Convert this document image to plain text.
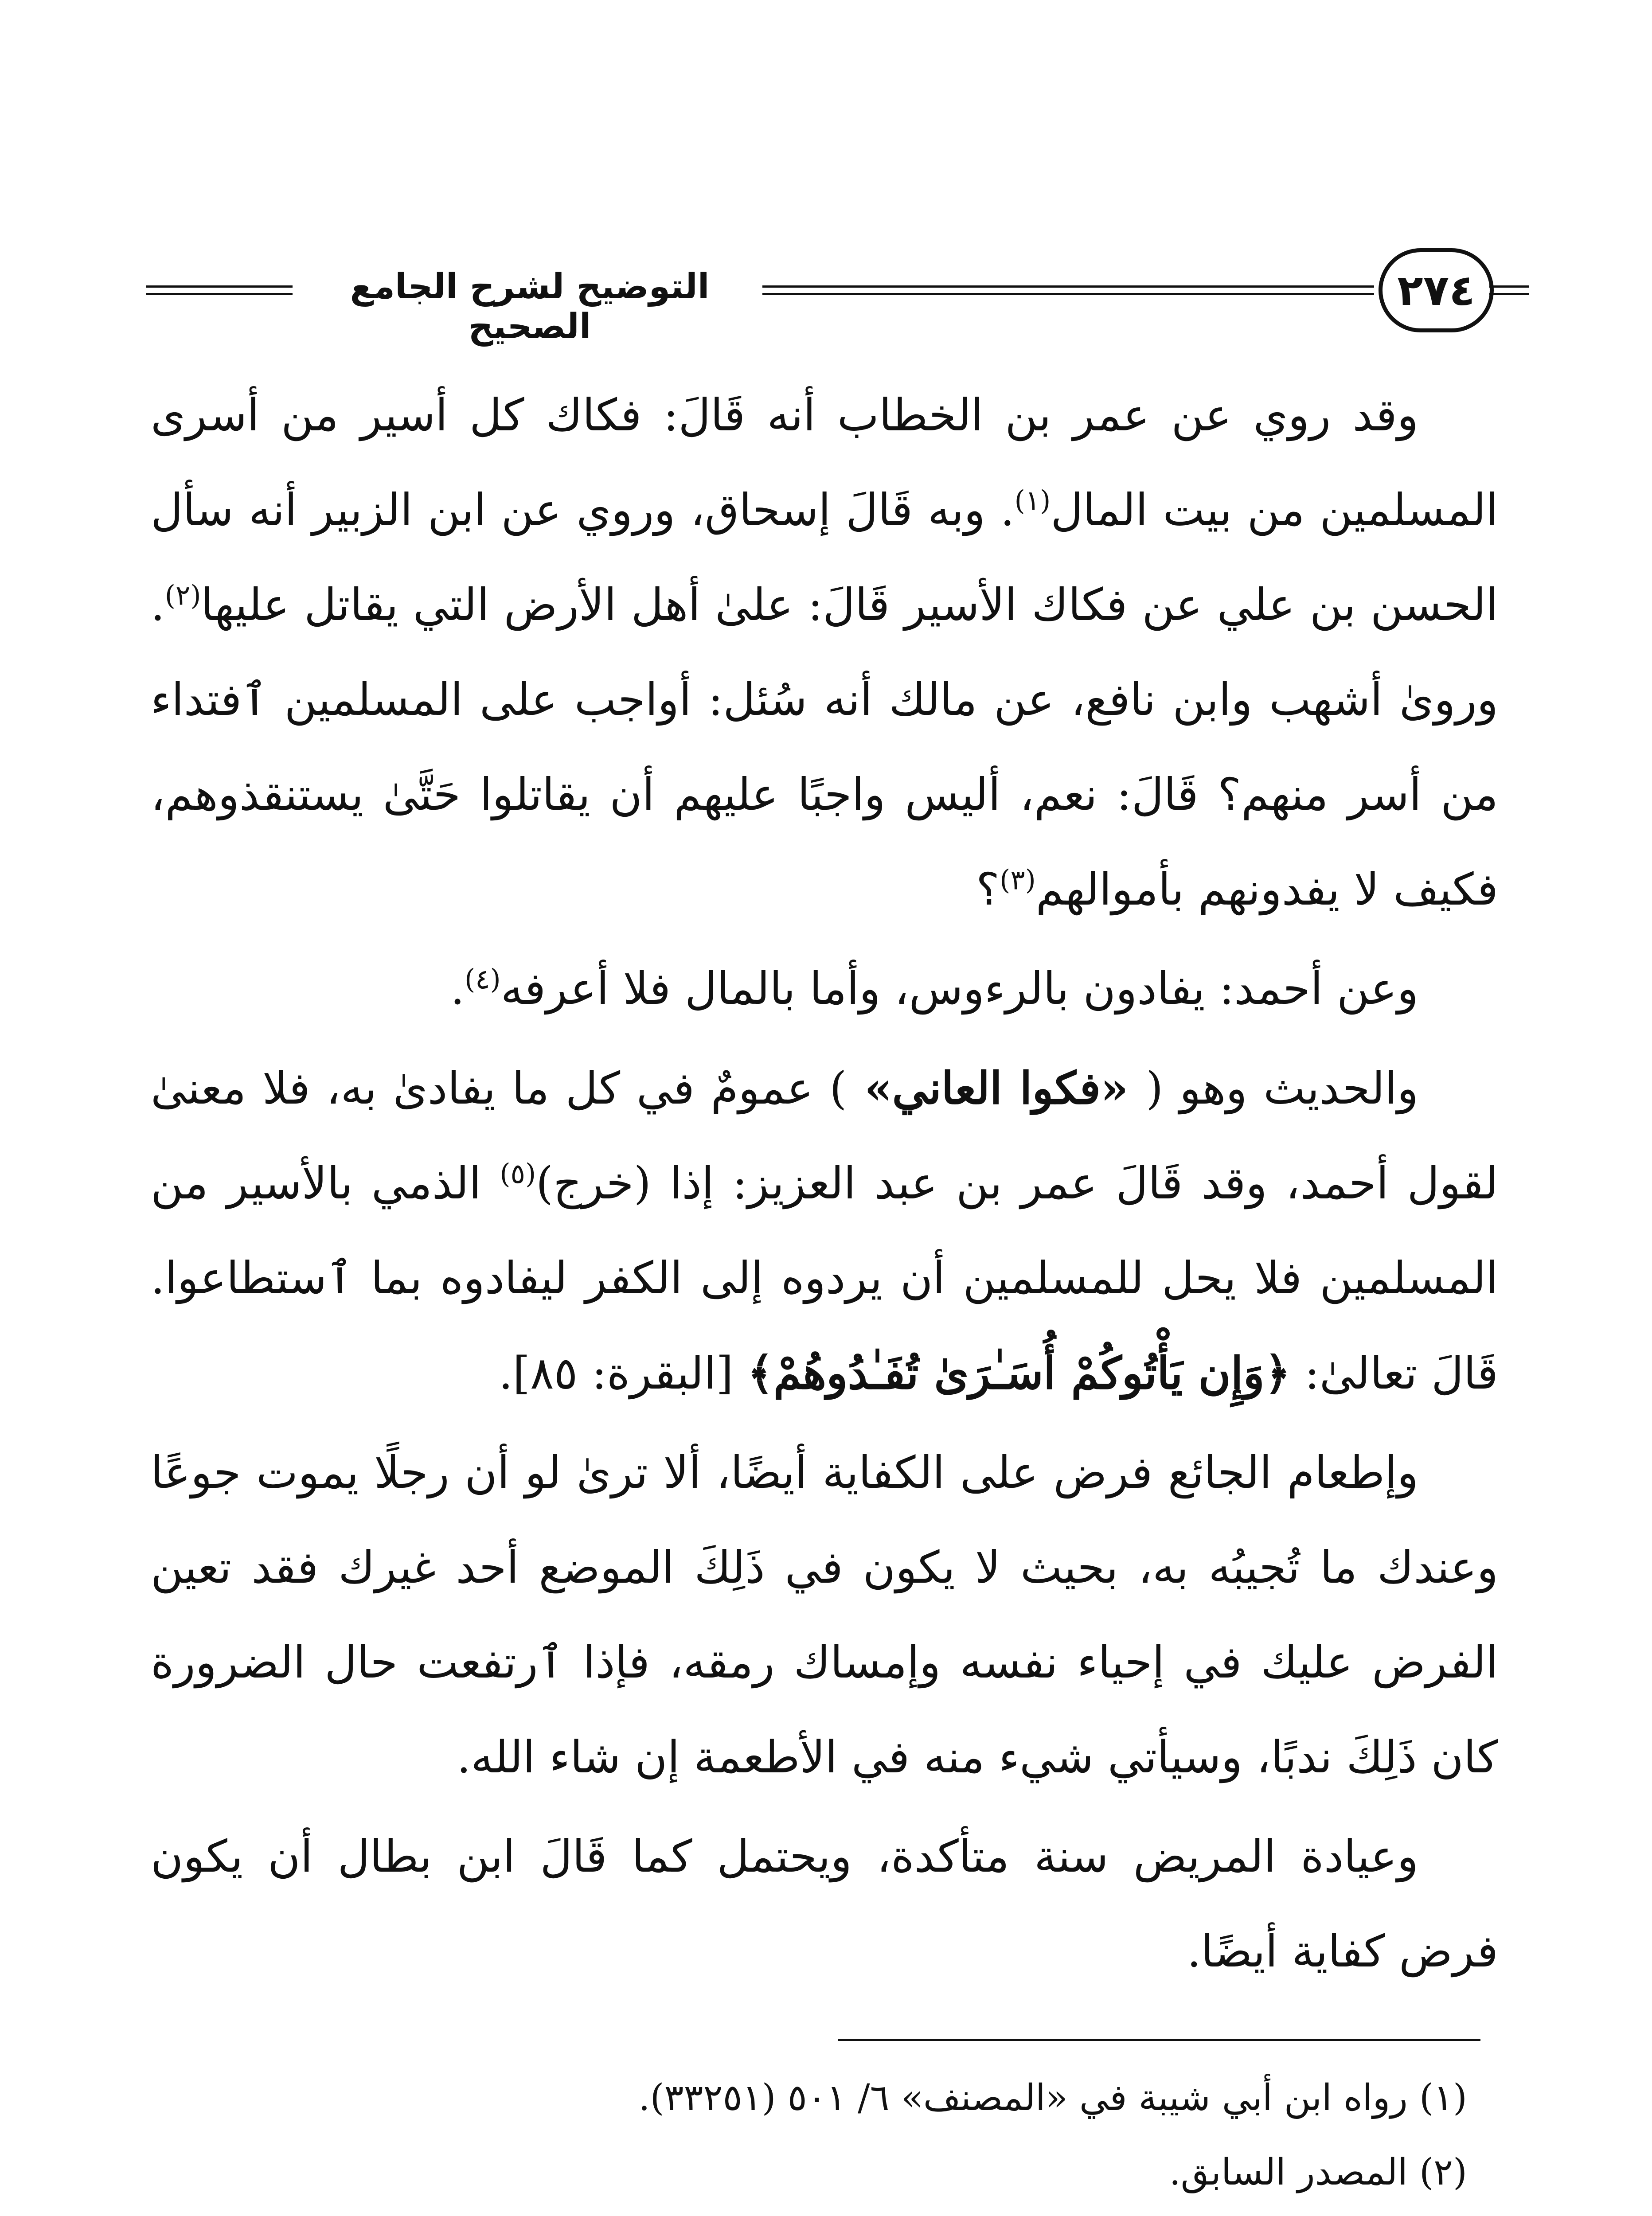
التوضيح لشرح الجامع الصحيح
٢٧٤

وقد روي عن عمر بن الخطاب أنه قَالَ: فكاك كل أسير من أسرى المسلمين من بيت المال$^{(١)}$. وبه قَالَ إسحاق، وروي عن ابن الزبير أنه سأل الحسن بن علي عن فكاك الأسير قَالَ: علىٰ أهل الأرض التي يقاتل عليها$^{(٢)}$. وروىٰ أشهب وابن نافع، عن مالك أنه سُئل: أواجب على المسلمين ٱفتداء من أسر منهم؟ قَالَ: نعم، أليس واجبًا عليهم أن يقاتلوا حَتَّىٰ يستنقذوهم، فكيف لا يفدونهم بأموالهم$^{(٣)}$؟

وعن أحمد: يفادون بالرءوس، وأما بالمال فلا أعرفه$^{(٤)}$.

والحديث وهو ( «فكوا العاني» ) عمومٌ في كل ما يفادىٰ به، فلا معنىٰ لقول أحمد، وقد قَالَ عمر بن عبد العزيز: إذا (خرج)$^{(٥)}$ الذمي بالأسير من المسلمين فلا يحل للمسلمين أن يردوه إلى الكفر ليفادوه بما ٱستطاعوا. قَالَ تعالىٰ: ﴿وَإِن يَأْتُوكُمْ أُسَـٰرَىٰ تُفَـٰدُوهُمْ﴾ [البقرة: ٨٥].

وإطعام الجائع فرض على الكفاية أيضًا، ألا ترىٰ لو أن رجلًا يموت جوعًا وعندك ما تُجيبُه به، بحيث لا يكون في ذَلِكَ الموضع أحد غيرك فقد تعين الفرض عليك في إحياء نفسه وإمساك رمقه، فإذا ٱرتفعت حال الضرورة كان ذَلِكَ ندبًا، وسيأتي شيء منه في الأطعمة إن شاء الله.

وعيادة المريض سنة متأكدة، ويحتمل كما قَالَ ابن بطال أن يكون فرض كفاية أيضًا.

(١) رواه ابن أبي شيبة في «المصنف» ٦/ ٥٠١ (٣٣٢٥١).

(٢) المصدر السابق.
